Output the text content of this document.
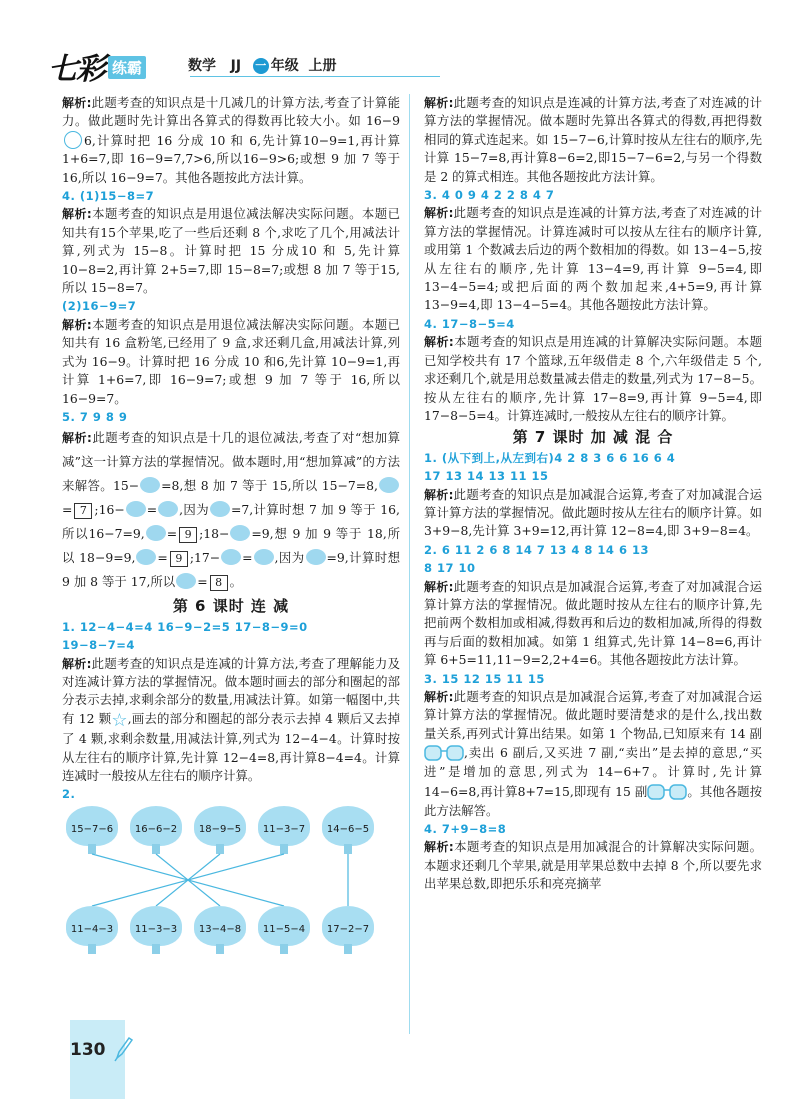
七彩 练霸	数学 JJ 一 年级 上册

解析:此题考查的知识点是十几减几的计算方法,考查了计算能力。做此题时先计算出各算式的得数再比较大小。如 16−96,计算时把 16 分成 10 和 6,先计算10−9=1,再计算 1+6=7,即 16−9=7,7>6,所以16−9>6;或想 9 加 7 等于 16,所以 16−9=7。其他各题按此方法计算。

4. (1)15−8=7

解析:本题考查的知识点是用退位减法解决实际问题。本题已知共有15个苹果,吃了一些后还剩 8 个,求吃了几个,用减法计算,列式为 15−8。计算时把 15 分成10 和 5,先计算 10−8=2,再计算 2+5=7,即 15−8=7;或想 8 加 7 等于15,所以 15−8=7。

(2)16−9=7

解析:本题考查的知识点是用退位减法解决实际问题。本题已知共有 16 盒粉笔,已经用了 9 盒,求还剩几盒,用减法计算,列式为 16−9。计算时把 16 分成 10 和6,先计算 10−9=1,再计算 1+6=7,即 16−9=7;或想 9 加 7 等于 16,所以 16−9=7。

5. 7 9 8 9

解析:此题考查的知识点是十几的退位减法,考查了对“想加算减”这一计算方法的掌握情况。做本题时,用“想加算减”的方法来解答。15− =8,想 8 加 7 等于 15,所以 15−7=8,= 7 ;16− = ,因为 =7,计算时想 7 加 9 等于 16,所以16−7=9, = 9 ;18− =9,想 9 加 9 等于 18,所以 18−9=9, = 9 ;17− = ,因为 =9,计算时想 9 加 8 等于 17,所以 = 8 。

第 6 课时 连 减

1. 12−4−4=4 16−9−2=5 17−8−9=0

19−8−7=4

解析:此题考查的知识点是连减的计算方法,考查了理解能力及对连减计算方法的掌握情况。做本题时画去的部分和圈起的部分表示去掉,求剩余部分的数量,用减法计算。如第一幅图中,共有 12 颗☆,画去的部分和圈起的部分表示去掉 4 颗后又去掉了 4 颗,求剩余数量,用减法计算,列式为 12−4−4。计算时按从左往右的顺序计算,先计算 12−4=8,再计算8−4=4。计算连减时一般按从左往右的顺序计算。

2.

15−7−6	16−6−2	18−9−5	11−3−7	14−6−5
11−4−3	11−3−3	13−4−8	11−5−4	17−2−7

解析:此题考查的知识点是连减的计算方法,考查了对连减的计算方法的掌握情况。做本题时先算出各算式的得数,再把得数相同的算式连起来。如 15−7−6,计算时按从左往右的顺序,先计算 15−7=8,再计算8−6=2,即15−7−6=2,与另一个得数是 2 的算式相连。其他各题按此方法计算。

3. 4 0 9 4 2 2 8 4 7

解析:此题考查的知识点是连减的计算方法,考查了对连减的计算方法的掌握情况。计算连减时可以按从左往右的顺序计算,或用第 1 个数减去后边的两个数相加的得数。如 13−4−5,按从左往右的顺序,先计算 13−4=9,再计算 9−5=4,即 13−4−5=4;或把后面的两个数加起来,4+5=9,再计算 13−9=4,即 13−4−5=4。其他各题按此方法计算。

4. 17−8−5=4

解析:本题考查的知识点是用连减的计算解决实际问题。本题已知学校共有 17 个篮球,五年级借走 8 个,六年级借走 5 个,求还剩几个,就是用总数量减去借走的数量,列式为 17−8−5。按从左往右的顺序,先计算 17−8=9,再计算 9−5=4,即 17−8−5=4。计算连减时,一般按从左往右的顺序计算。

第 7 课时 加 减 混 合

1. (从下到上,从左到右)4 2 8 3 6 6 16 6 4

17 13 14 13 11 15

解析:此题考查的知识点是加减混合运算,考查了对加减混合运算计算方法的掌握情况。做此题时按从左往右的顺序计算。如 3+9−8,先计算 3+9=12,再计算 12−8=4,即 3+9−8=4。

2. 6 11 2 6 8 14 7 13 4 8 14 6 13

8 17 10

解析:此题考查的知识点是加减混合运算,考查了对加减混合运算计算方法的掌握情况。做此题时按从左往右的顺序计算,先把前两个数相加或相减,得数再和后边的数相加减,所得的得数再与后面的数相加减。如第 1 组算式,先计算 14−8=6,再计算 6+5=11,11−9=2,2+4=6。其他各题按此方法计算。

3. 15 12 15 11 15

解析:此题考查的知识点是加减混合运算,考查了对加减混合运算计算方法的掌握情况。做此题时要清楚求的是什么,找出数量关系,再列式计算出结果。如第 1 个物品,已知原来有 14 副,卖出 6 副后,又买进 7 副,“卖出”是去掉的意思,“买进”是增加的意思,列式为 14−6+7。计算时,先计算 14−6=8,再计算8+7=15,即现有 15 副	。其他各题按此方法解答。

4. 7+9−8=8

解析:本题考查的知识点是用加减混合的计算解决实际问题。本题求还剩几个苹果,就是用苹果总数中去掉 8 个,所以要先求出苹果总数,即把乐乐和亮亮摘苹

130
